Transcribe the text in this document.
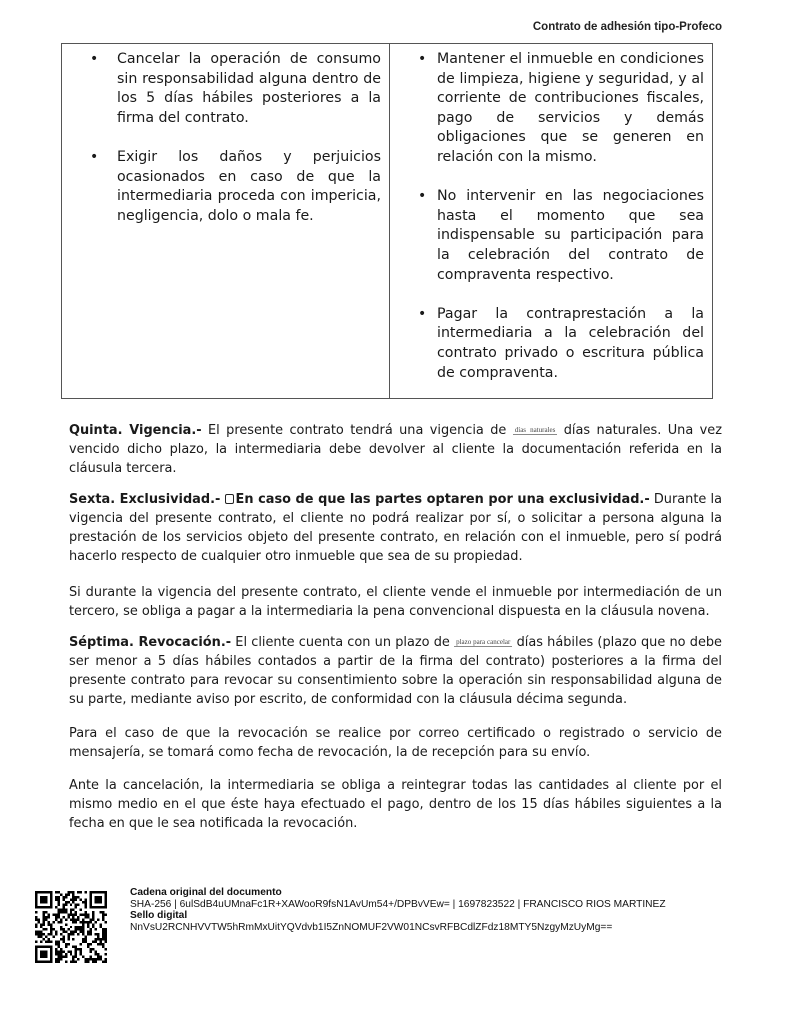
Contrato de adhesión tipo-Profeco
• Cancelar la operación de consumo sin responsabilidad alguna dentro de los 5 días hábiles posteriores a la firma del contrato.
• Exigir los daños y perjuicios ocasionados en caso de que la intermediaria proceda con impericia, negligencia, dolo o mala fe.
• Mantener el inmueble en condiciones de limpieza, higiene y seguridad, y al corriente de contribuciones fiscales, pago de servicios y demás obligaciones que se generen en relación con la mismo.
• No intervenir en las negociaciones hasta el momento que sea indispensable su participación para la celebración del contrato de compraventa respectivo.
• Pagar la contraprestación a la intermediaria a la celebración del contrato privado o escritura pública de compraventa.

Quinta. Vigencia.- El presente contrato tendrá una vigencia de días naturales días naturales. Una vez vencido dicho plazo, la intermediaria debe devolver al cliente la documentación referida en la cláusula tercera.

Sexta. Exclusividad.- En caso de que las partes optaren por una exclusividad.- Durante la vigencia del presente contrato, el cliente no podrá realizar por sí, o solicitar a persona alguna la prestación de los servicios objeto del presente contrato, en relación con el inmueble, pero sí podrá hacerlo respecto de cualquier otro inmueble que sea de su propiedad.

Si durante la vigencia del presente contrato, el cliente vende el inmueble por intermediación de un tercero, se obliga a pagar a la intermediaria la pena convencional dispuesta en la cláusula novena.

Séptima. Revocación.- El cliente cuenta con un plazo de plazo para cancelar días hábiles (plazo que no debe ser menor a 5 días hábiles contados a partir de la firma del contrato) posteriores a la firma del presente contrato para revocar su consentimiento sobre la operación sin responsabilidad alguna de su parte, mediante aviso por escrito, de conformidad con la cláusula décima segunda.

Para el caso de que la revocación se realice por correo certificado o registrado o servicio de mensajería, se tomará como fecha de revocación, la de recepción para su envío.

Ante la cancelación, la intermediaria se obliga a reintegrar todas las cantidades al cliente por el mismo medio en el que éste haya efectuado el pago, dentro de los 15 días hábiles siguientes a la fecha en que le sea notificada la revocación.

Cadena original del documento
SHA-256 | 6ulSdB4uUMnaFc1R+XAWooR9fsN1AvUm54+/DPBvVEw= | 1697823522 | FRANCISCO RIOS MARTINEZ
Sello digital
NnVsU2RCNHVVTW5hRmMxUitYQVdvb1I5ZnNOMUF2VW01NCsvRFBCdlZFdz18MTY5NzgyMzUyMg==
